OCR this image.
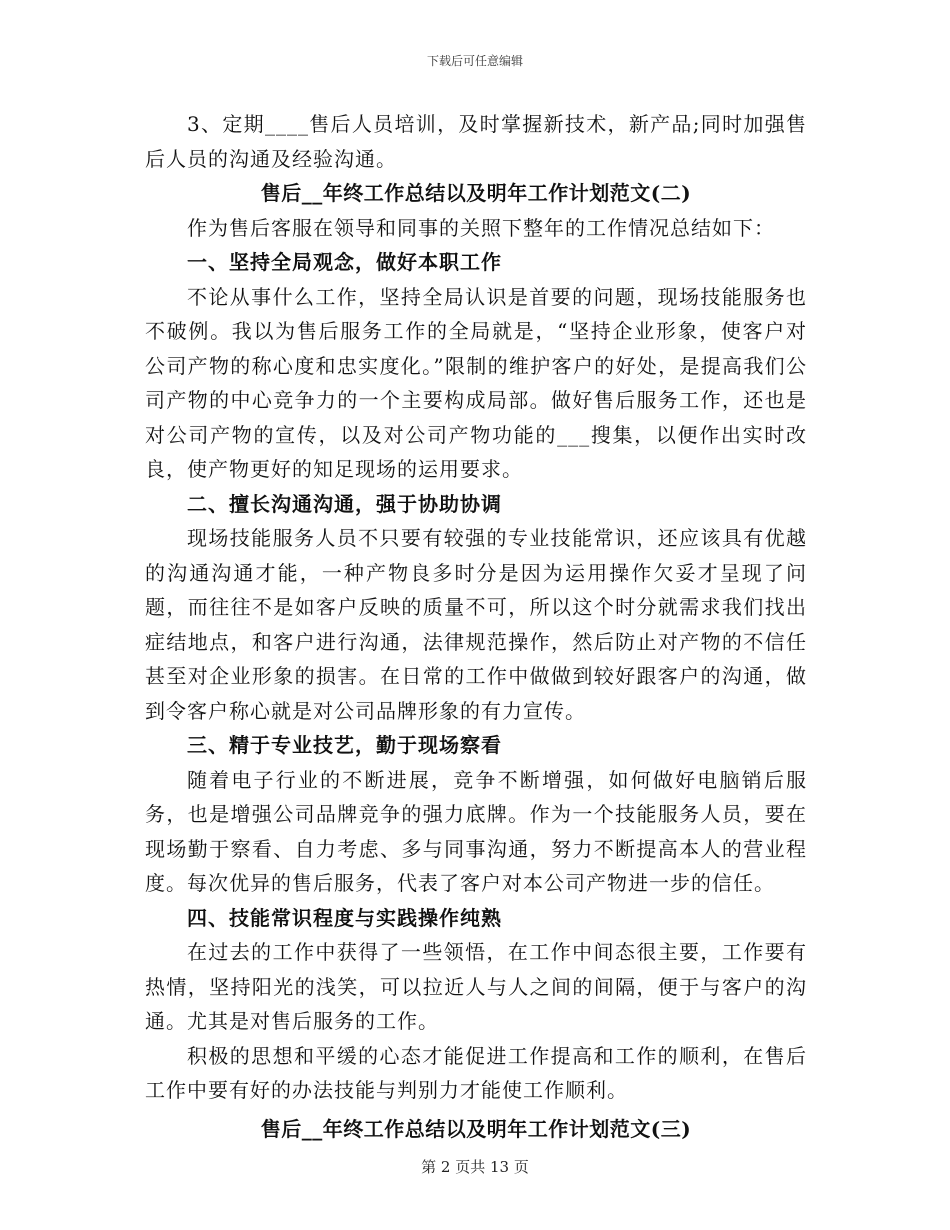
下载后可任意编辑

3、定期____售后人员培训，及时掌握新技术，新产品;同时加强售后人员的沟通及经验沟通。

售后__年终工作总结以及明年工作计划范文(二)

作为售后客服在领导和同事的关照下整年的工作情况总结如下：

一、坚持全局观念，做好本职工作

不论从事什么工作，坚持全局认识是首要的问题，现场技能服务也不破例。我以为售后服务工作的全局就是，“坚持企业形象，使客户对公司产物的称心度和忠实度化。”限制的维护客户的好处，是提高我们公司产物的中心竞争力的一个主要构成局部。做好售后服务工作，还也是对公司产物的宣传，以及对公司产物功能的___搜集，以便作出实时改良，使产物更好的知足现场的运用要求。

二、擅长沟通沟通，强于协助协调

现场技能服务人员不只要有较强的专业技能常识，还应该具有优越的沟通沟通才能，一种产物良多时分是因为运用操作欠妥才呈现了问题，而往往不是如客户反映的质量不可，所以这个时分就需求我们找出症结地点，和客户进行沟通，法律规范操作，然后防止对产物的不信任甚至对企业形象的损害。在日常的工作中做做到较好跟客户的沟通，做到令客户称心就是对公司品牌形象的有力宣传。

三、精于专业技艺，勤于现场察看

随着电子行业的不断进展，竞争不断增强，如何做好电脑销后服务，也是增强公司品牌竞争的强力底牌。作为一个技能服务人员，要在现场勤于察看、自力考虑、多与同事沟通，努力不断提高本人的营业程度。每次优异的售后服务，代表了客户对本公司产物进一步的信任。

四、技能常识程度与实践操作纯熟

在过去的工作中获得了一些领悟，在工作中间态很主要，工作要有热情，坚持阳光的浅笑，可以拉近人与人之间的间隔，便于与客户的沟通。尤其是对售后服务的工作。

积极的思想和平缓的心态才能促进工作提高和工作的顺利，在售后工作中要有好的办法技能与判别力才能使工作顺利。

售后__年终工作总结以及明年工作计划范文(三)

第 2 页共 13 页
